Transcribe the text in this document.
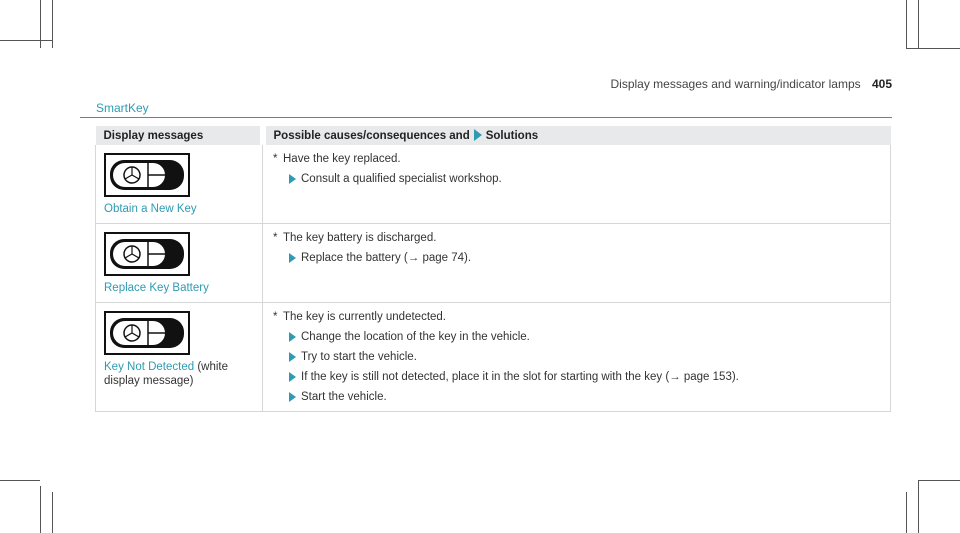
Display messages and warning/indicator lamps 405
SmartKey
Display messages	Possible causes/consequences and Solutions

Obtain a New Key	* Have the key replaced.
Consult a qualified specialist workshop.

Replace Key Battery	* The key battery is discharged.
Replace the battery (→ page 74).

Key Not Detected (white display message)	* The key is currently undetected.
Change the location of the key in the vehicle.
Try to start the vehicle.
If the key is still not detected, place it in the slot for starting with the key (→ page 153).
Start the vehicle.
